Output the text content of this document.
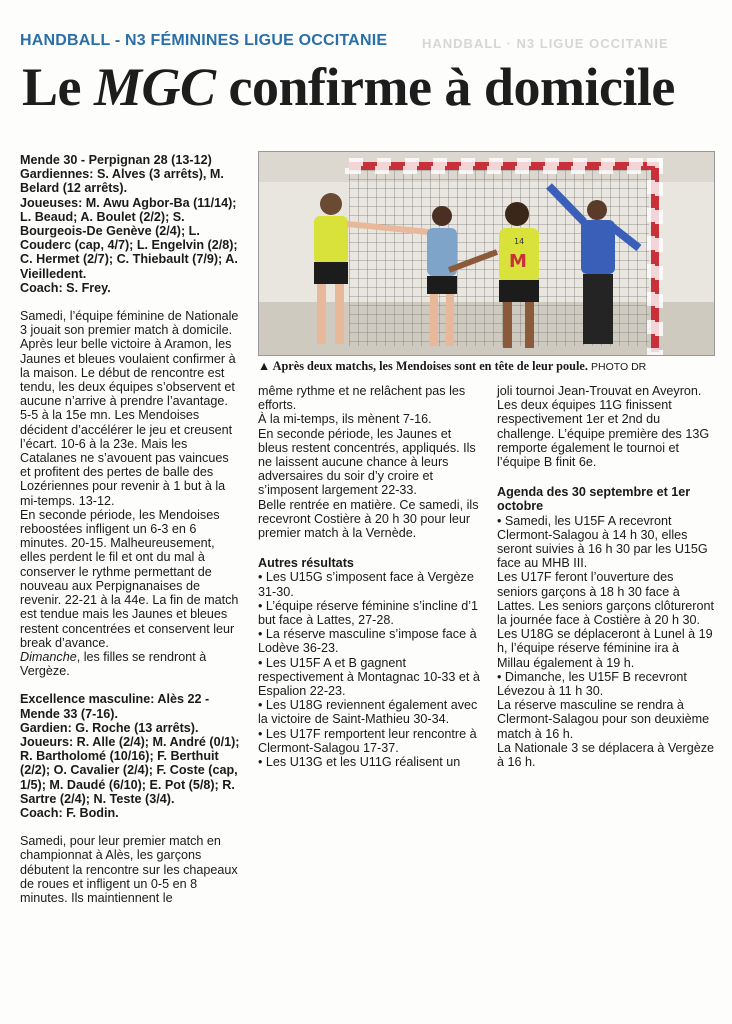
HANDBALL - N3 FÉMININES LIGUE OCCITANIE	HANDBALL · N3 LIGUE OCCITANIE
Le MGC confirme à domicile

Mende 30 - Perpignan 28 (13-12)

Gardiennes: S. Alves (3 arrêts), M. Belard (12 arrêts).

Joueuses: M. Awu Agbor-Ba (11/14); L. Beaud; A. Boulet (2/2); S. Bourgeois-De Genève (2/4); L. Couderc (cap, 4/7); L. Engelvin (2/8); C. Hermet (2/7); C. Thiebault (7/9); A. Vieilledent.

Coach: S. Frey.

Samedi, l’équipe féminine de Nationale 3 jouait son premier match à domicile.

Après leur belle victoire à Aramon, les Jaunes et bleues voulaient confirmer à la maison. Le début de rencontre est tendu, les deux équipes s’observent et aucune n’arrive à prendre l’avantage. 5-5 à la 15e mn. Les Mendoises décident d’accélérer le jeu et creusent l’écart. 10-6 à la 23e. Mais les Catalanes ne s’avouent pas vaincues et profitent des pertes de balle des Lozériennes pour revenir à 1 but à la mi-temps. 13-12.

En seconde période, les Mendoises reboostées infligent un 6-3 en 6 minutes. 20-15. Malheureusement, elles perdent le fil et ont du mal à conserver le rythme permettant de nouveau aux Perpignanaises de revenir. 22-21 à la 44e. La fin de match est tendue mais les Jaunes et bleues restent concentrées et conservent leur break d’avance.

Dimanche, les filles se rendront à Vergèze.

Excellence masculine: Alès 22 - Mende 33 (7-16).

Gardien: G. Roche (13 arrêts).

Joueurs: R. Alle (2/4); M. André (0/1); R. Bartholomé (10/16); F. Berthuit (2/2); O. Cavalier (2/4); F. Coste (cap, 1/5); M. Daudé (6/10); E. Pot (5/8); R. Sartre (2/4); N. Teste (3/4).

Coach: F. Bodin.

Samedi, pour leur premier match en championnat à Alès, les garçons débutent la rencontre sur les chapeaux de roues et infligent un 0-5 en 8 minutes. Ils maintiennent le

M
14
▲ Après deux matchs, les Mendoises sont en tête de leur poule. PHOTO DR

même rythme et ne relâchent pas les efforts.

À la mi-temps, ils mènent 7-16.

En seconde période, les Jaunes et bleus restent concentrés, appliqués. Ils ne laissent aucune chance à leurs adversaires du soir d’y croire et s’imposent largement 22-33.

Belle rentrée en matière. Ce samedi, ils recevront Costière à 20 h 30 pour leur premier match à la Vernède.

Autres résultats

• Les U15G s’imposent face à Vergèze 31-30.

• L’équipe réserve féminine s’incline d’1 but face à Lattes, 27-28.

• La réserve masculine s’impose face à Lodève 36-23.

• Les U15F A et B gagnent respectivement à Montagnac 10-33 et à Espalion 22-23.

• Les U18G reviennent également avec la victoire de Saint-Mathieu 30-34.

• Les U17F remportent leur rencontre à Clermont-Salagou 17-37.

• Les U13G et les U11G réalisent un

joli tournoi Jean-Trouvat en Aveyron. Les deux équipes 11G finissent respectivement 1er et 2nd du challenge. L’équipe première des 13G remporte également le tournoi et l’équipe B finit 6e.

Agenda des 30 septembre et 1er octobre

• Samedi, les U15F A recevront Clermont-Salagou à 14 h 30, elles seront suivies à 16 h 30 par les U15G face au MHB III.

Les U17F feront l’ouverture des seniors garçons à 18 h 30 face à Lattes. Les seniors garçons clôtureront la journée face à Costière à 20 h 30.

Les U18G se déplaceront à Lunel à 19 h, l’équipe réserve féminine ira à Millau également à 19 h.

• Dimanche, les U15F B recevront Lévezou à 11 h 30.

La réserve masculine se rendra à Clermont-Salagou pour son deuxième match à 16 h.

La Nationale 3 se déplacera à Vergèze à 16 h.
